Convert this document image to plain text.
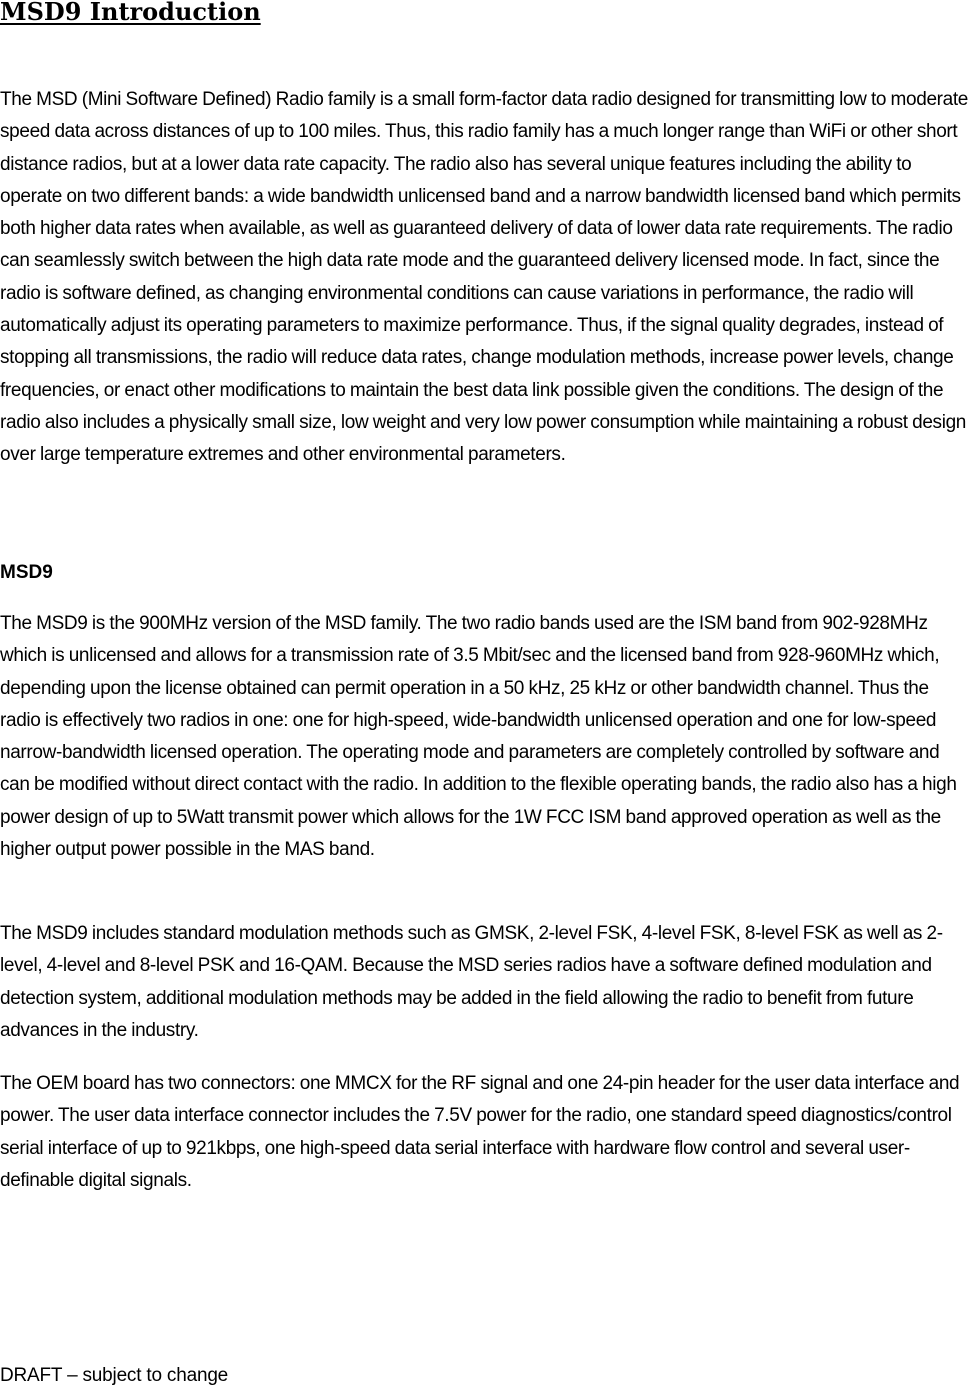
MSD9 Introduction

The MSD (Mini Software Defined) Radio family is a small form-factor data radio designed for transmitting low to moderate speed data across distances of up to 100 miles. Thus, this radio family has a much longer range than WiFi or other short distance radios, but at a lower data rate capacity. The radio also has several unique features including the ability to operate on two different bands: a wide bandwidth unlicensed band and a narrow bandwidth licensed band which permits both higher data rates when available, as well as guaranteed delivery of data of lower data rate requirements. The radio can seamlessly switch between the high data rate mode and the guaranteed delivery licensed mode. In fact, since the radio is software defined, as changing environmental conditions can cause variations in performance, the radio will automatically adjust its operating parameters to maximize performance. Thus, if the signal quality degrades, instead of stopping all transmissions, the radio will reduce data rates, change modulation methods, increase power levels, change frequencies, or enact other modifications to maintain the best data link possible given the conditions. The design of the radio also includes a physically small size, low weight and very low power consumption while maintaining a robust design over large temperature extremes and other environmental parameters.

MSD9

The MSD9 is the 900MHz version of the MSD family. The two radio bands used are the ISM band from 902-928MHz which is unlicensed and allows for a transmission rate of 3.5 Mbit/sec and the licensed band from 928-960MHz which, depending upon the license obtained can permit operation in a 50 kHz, 25 kHz or other bandwidth channel. Thus the radio is effectively two radios in one: one for high-speed, wide-bandwidth unlicensed operation and one for low-speed narrow-bandwidth licensed operation. The operating mode and parameters are completely controlled by software and can be modified without direct contact with the radio. In addition to the flexible operating bands, the radio also has a high power design of up to 5Watt transmit power which allows for the 1W FCC ISM band approved operation as well as the higher output power possible in the MAS band.

The MSD9 includes standard modulation methods such as GMSK, 2-level FSK, 4-level FSK, 8-level FSK as well as 2-level, 4-level and 8-level PSK and 16-QAM. Because the MSD series radios have a software defined modulation and detection system, additional modulation methods may be added in the field allowing the radio to benefit from future advances in the industry.

The OEM board has two connectors: one MMCX for the RF signal and one 24-pin header for the user data interface and power. The user data interface connector includes the 7.5V power for the radio, one standard speed diagnostics/control serial interface of up to 921kbps, one high-speed data serial interface with hardware flow control and several user-definable digital signals.

DRAFT – subject to change
